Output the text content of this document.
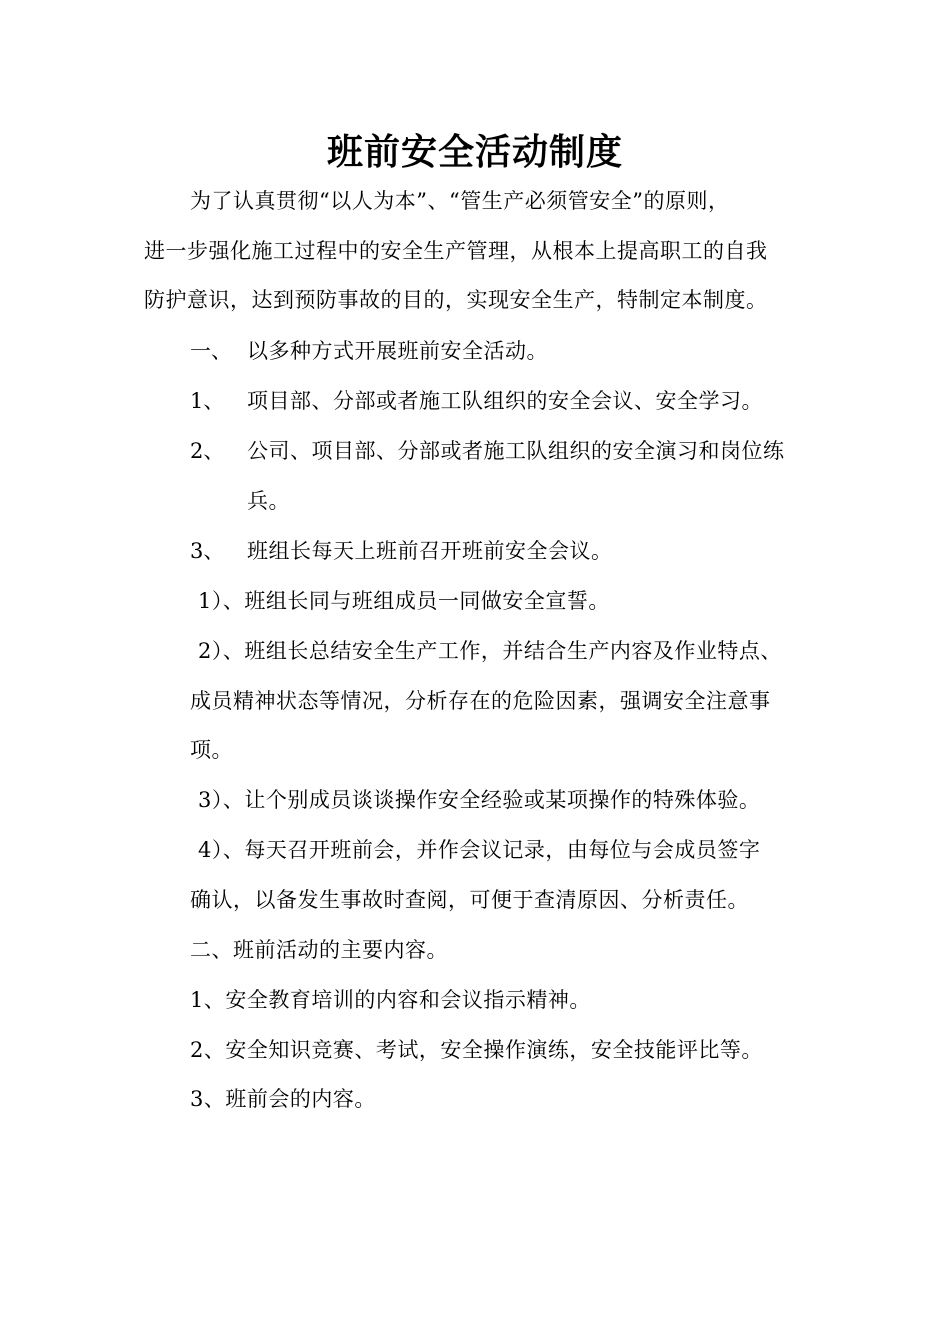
班前安全活动制度
为了认真贯彻“以人为本”、“管生产必须管安全”的原则，
进一步强化施工过程中的安全生产管理，从根本上提高职工的自我
防护意识，达到预防事故的目的，实现安全生产，特制定本制度。
一、 以多种方式开展班前安全活动。
1、 项目部、分部或者施工队组织的安全会议、安全学习。
2、 公司、项目部、分部或者施工队组织的安全演习和岗位练
兵。
3、 班组长每天上班前召开班前安全会议。
1）、班组长同与班组成员一同做安全宣誓。
2）、班组长总结安全生产工作，并结合生产内容及作业特点、
成员精神状态等情况，分析存在的危险因素，强调安全注意事
项。
3）、让个别成员谈谈操作安全经验或某项操作的特殊体验。
4）、每天召开班前会，并作会议记录，由每位与会成员签字
确认，以备发生事故时查阅，可便于查清原因、分析责任。
二、班前活动的主要内容。
1、安全教育培训的内容和会议指示精神。
2、安全知识竞赛、考试，安全操作演练，安全技能评比等。
3、班前会的内容。
